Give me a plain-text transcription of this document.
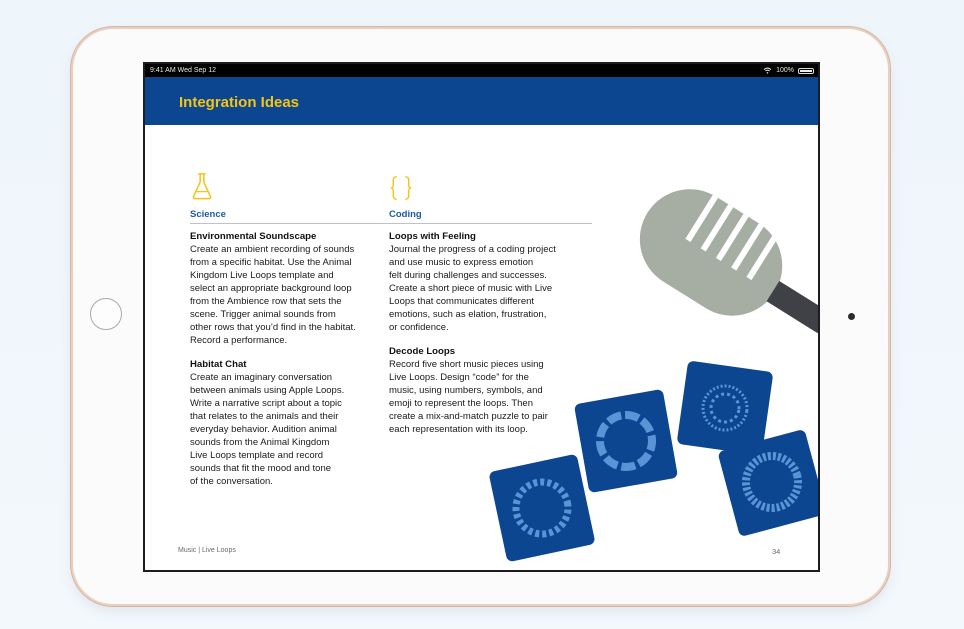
9:41 AM Wed Sep 12	100%
Integration Ideas
Science
Environmental Soundscape

Create an ambient recording of sounds
from a specific habitat. Use the Animal
Kingdom Live Loops template and
select an appropriate background loop
from the Ambience row that sets the
scene. Trigger animal sounds from
other rows that you’d find in the habitat.
Record a performance.

Habitat Chat

Create an imaginary conversation
between animals using Apple Loops.
Write a narrative script about a topic
that relates to the animals and their
everyday behavior. Audition animal
sounds from the Animal Kingdom
Live Loops template and record
sounds that fit the mood and tone
of the conversation.

Coding
Loops with Feeling

Journal the progress of a coding project
and use music to express emotion
felt during challenges and successes.
Create a short piece of music with Live
Loops that communicates different
emotions, such as elation, frustration,
or confidence.

Decode Loops

Record five short music pieces using
Live Loops. Design “code” for the
music, using numbers, symbols, and
emoji to represent the loops. Then
create a mix-and-match puzzle to pair
each representation with its loop.

Music | Live Loops	34
